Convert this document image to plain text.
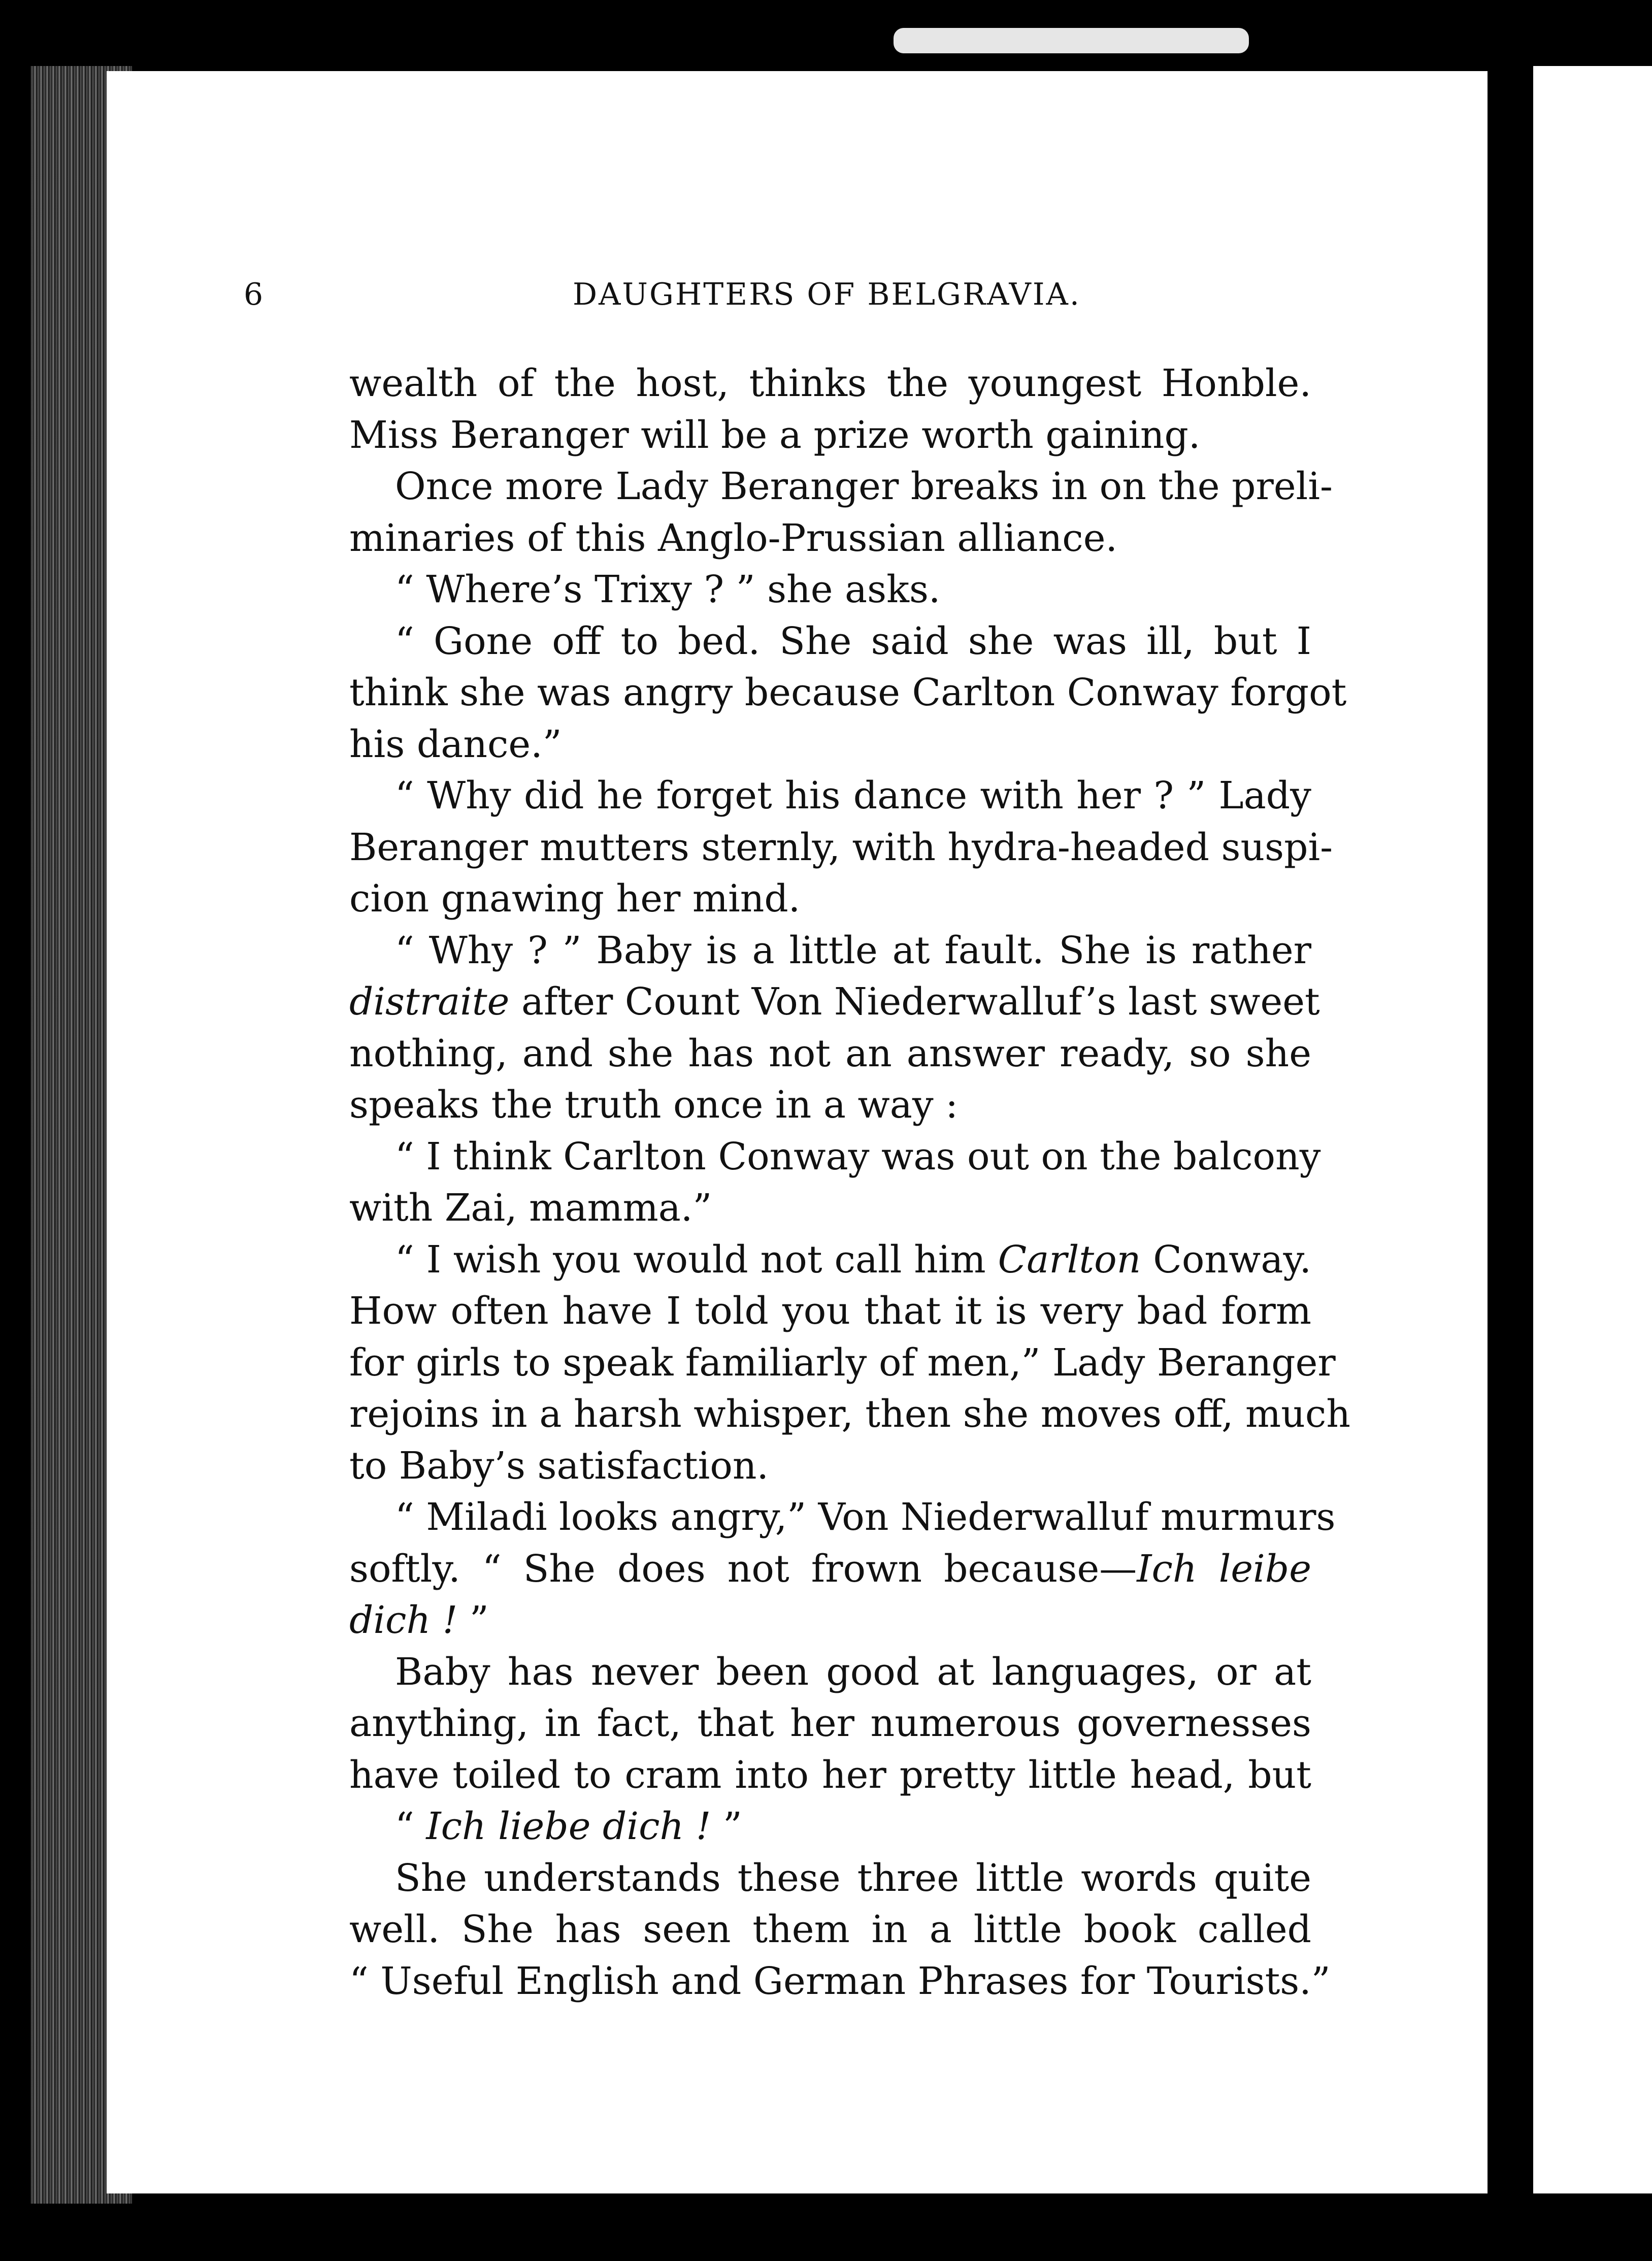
6	DAUGHTERS OF BELGRAVIA.
wealth of the host, thinks the youngest Honble.
Miss Beranger will be a prize worth gaining.
Once more Lady Beranger breaks in on the preli-
minaries of this Anglo-Prussian alliance.
“ Where’s Trixy ? ” she asks.
“ Gone off to bed. She said she was ill, but I
think she was angry because Carlton Conway forgot
his dance.”
“ Why did he forget his dance with her ? ” Lady
Beranger mutters sternly, with hydra-headed suspi-
cion gnawing her mind.
“ Why ? ” Baby is a little at fault. She is rather
distraite after Count Von Niederwalluf’s last sweet
nothing, and she has not an answer ready, so she
speaks the truth once in a way :
“ I think Carlton Conway was out on the balcony
with Zai, mamma.”
“ I wish you would not call him Carlton Conway.
How often have I told you that it is very bad form
for girls to speak familiarly of men,” Lady Beranger
rejoins in a harsh whisper, then she moves off, much
to Baby’s satisfaction.
“ Miladi looks angry,” Von Niederwalluf murmurs
softly. “ She does not frown because—Ich leibe
dich ! ”
Baby has never been good at languages, or at
anything, in fact, that her numerous governesses
have toiled to cram into her pretty little head, but
“ Ich liebe dich ! ”
She understands these three little words quite
well. She has seen them in a little book called
“ Useful English and German Phrases for Tourists.”
